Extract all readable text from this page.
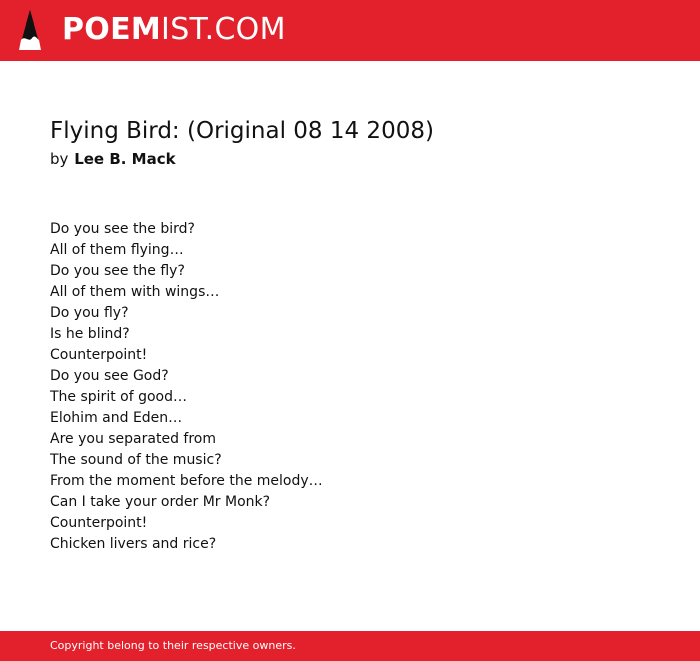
POEMIST.COM
Flying Bird: (Original 08 14 2008)
by Lee B. Mack
Do you see the bird?
All of them flying…
Do you see the fly?
All of them with wings…
Do you fly?
Is he blind?
Counterpoint!
Do you see God?
The spirit of good…
Elohim and Eden…
Are you separated from
The sound of the music?
From the moment before the melody…
Can I take your order Mr Monk?
Counterpoint!
Chicken livers and rice?
Copyright belong to their respective owners.
